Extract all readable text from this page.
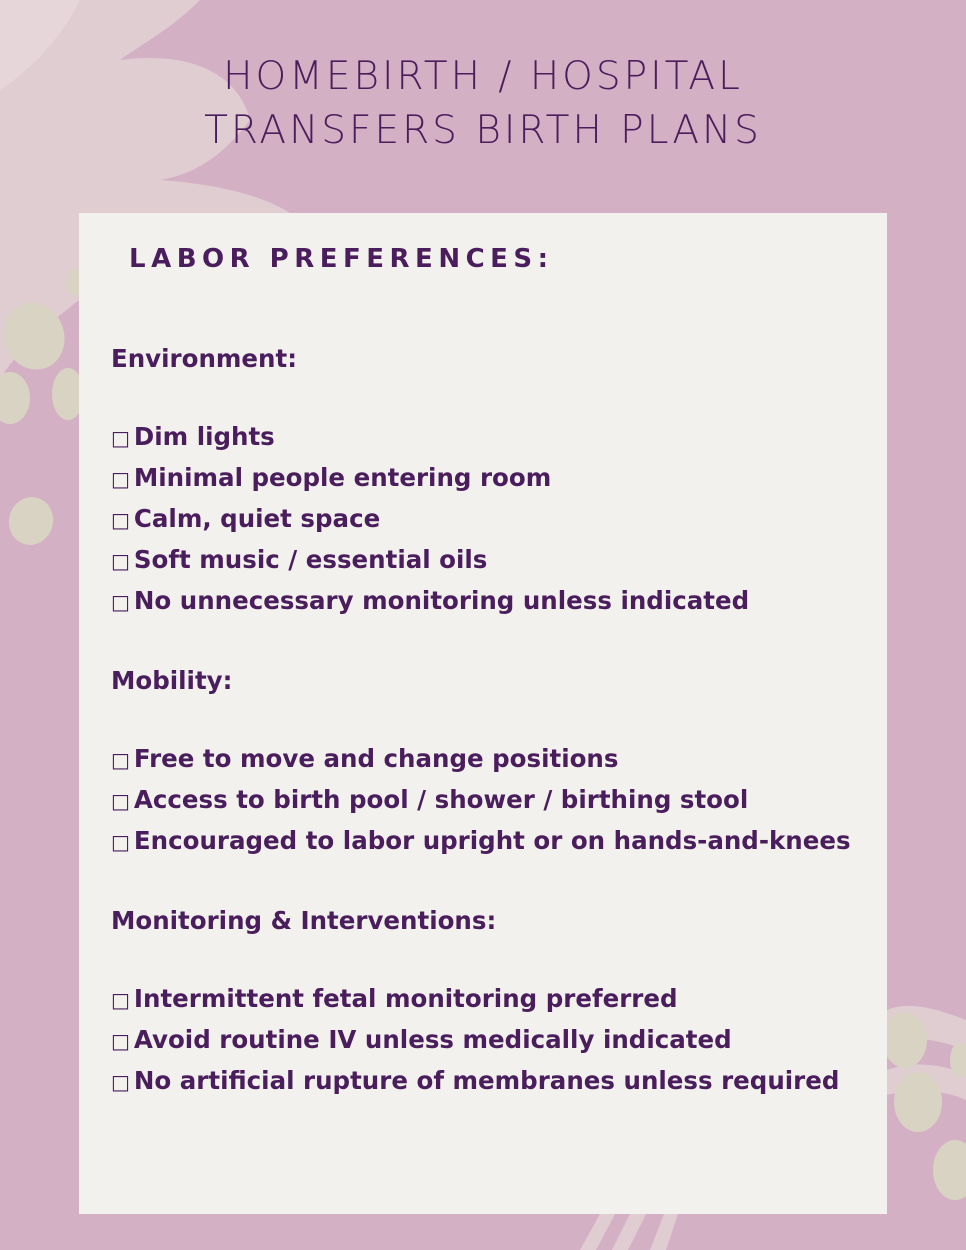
HOMEBIRTH / HOSPITAL
TRANSFERS BIRTH PLANS
LABOR PREFERENCES:

Environment:

□ Dim lights
□ Minimal people entering room
□ Calm, quiet space
□ Soft music / essential oils
□ No unnecessary monitoring unless indicated

Mobility:

□ Free to move and change positions
□ Access to birth pool / shower / birthing stool
□ Encouraged to labor upright or on hands-and-knees

Monitoring & Interventions:

□ Intermittent fetal monitoring preferred
□ Avoid routine IV unless medically indicated
□ No artificial rupture of membranes unless required
